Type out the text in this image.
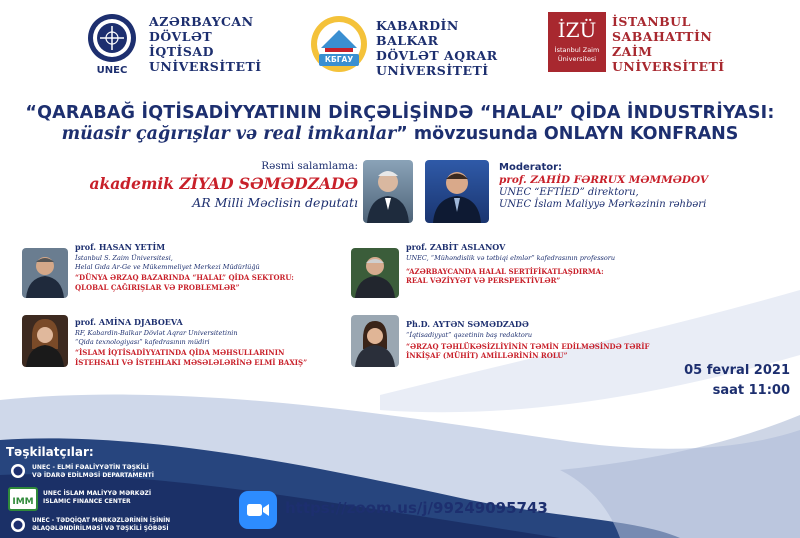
UNEC
AZƏRBAYCAN
DÖVLƏT
İQTİSAD
UNİVERSİTETİ	КБГАУ
KABARDİN
BALKAR
DÖVLƏT AQRAR
UNİVERSİTETİ
İZÜ
İstanbul Zaim
Üniversitesi
İSTANBUL
SABAHATTİN
ZAİM
UNİVERSİTETİ
“QARABAĞ İQTİSADİYYATININ DİRÇƏLİŞİNDƏ “HALAL” QİDA İNDUSTRİYASI:
müasir çağırışlar və real imkanlar” mövzusunda ONLAYN KONFRANS
Rəsmi salamlama:
akademik ZİYAD SƏMƏDZADƏ
AR Milli Məclisin deputatı
Moderator:
prof. ZAHİD FƏRRUX MƏMMƏDOV
UNEC “EFTİED” direktoru,
UNEC İslam Maliyyə Mərkəzinin rəhbəri
prof. HASAN YETİM
İstanbul S. Zaim Üniversitesi,
Helal Gıda Ar-Ge ve Mükemmeliyet Merkezi Müdürlüğü
“DÜNYA ƏRZAQ BAZARINDA “HALAL” QİDA SEKTORU:
QLOBAL ÇAĞIRIŞLAR VƏ PROBLEMLƏR”
prof. ZABİT ASLANOV
UNEC, “Mühəndislik və tətbiqi elmlər” kafedrasının professoru
“AZƏRBAYCANDA HALAL SERTİFİKATLAŞDIRMA:
REAL VƏZİYYƏT VƏ PERSPEKTİVLƏR”
prof. AMİNA DJABOEVA
RF, Kabardin-Balkar Dövlət Aqrar Universitetinin
“Qida texnologiyası” kafedrasının müdiri
“İSLAM İQTİSADİYYATINDA QİDA MƏHSULLARININ
İSTEHSALI VƏ İSTEHLAKI MƏSƏLƏLƏRİNƏ ELMİ BAXIŞ”
Ph.D. AYTƏN SƏMƏDZADƏ
“İqtisadiyyat” qəzetinin baş redaktoru
“ƏRZAQ TƏHLÜKƏSİZLİYİNİN TƏMİN EDİLMƏSİNDƏ TƏRİF
İNKİŞAF (MÜHİT) AMİLLƏRİNİN ROLU”
05 fevral 2021
saat 11:00
Təşkilatçılar:
UNEC - ELMİ FƏALİYYƏTİN TƏŞKİLİ
VƏ İDARƏ EDİLMƏSİ DEPARTAMENTİ
IMM
UNEC İSLAM MALİYYƏ MƏRKƏZİ
ISLAMIC FINANCE CENTER
UNEC - TƏDQİQAT MƏRKƏZLƏRİNİN İŞİNİN
ƏLAQƏLƏNDİRİLMƏSİ VƏ TƏŞKİLİ ŞÖBƏSİ
https://zoom.us/j/99249095743
